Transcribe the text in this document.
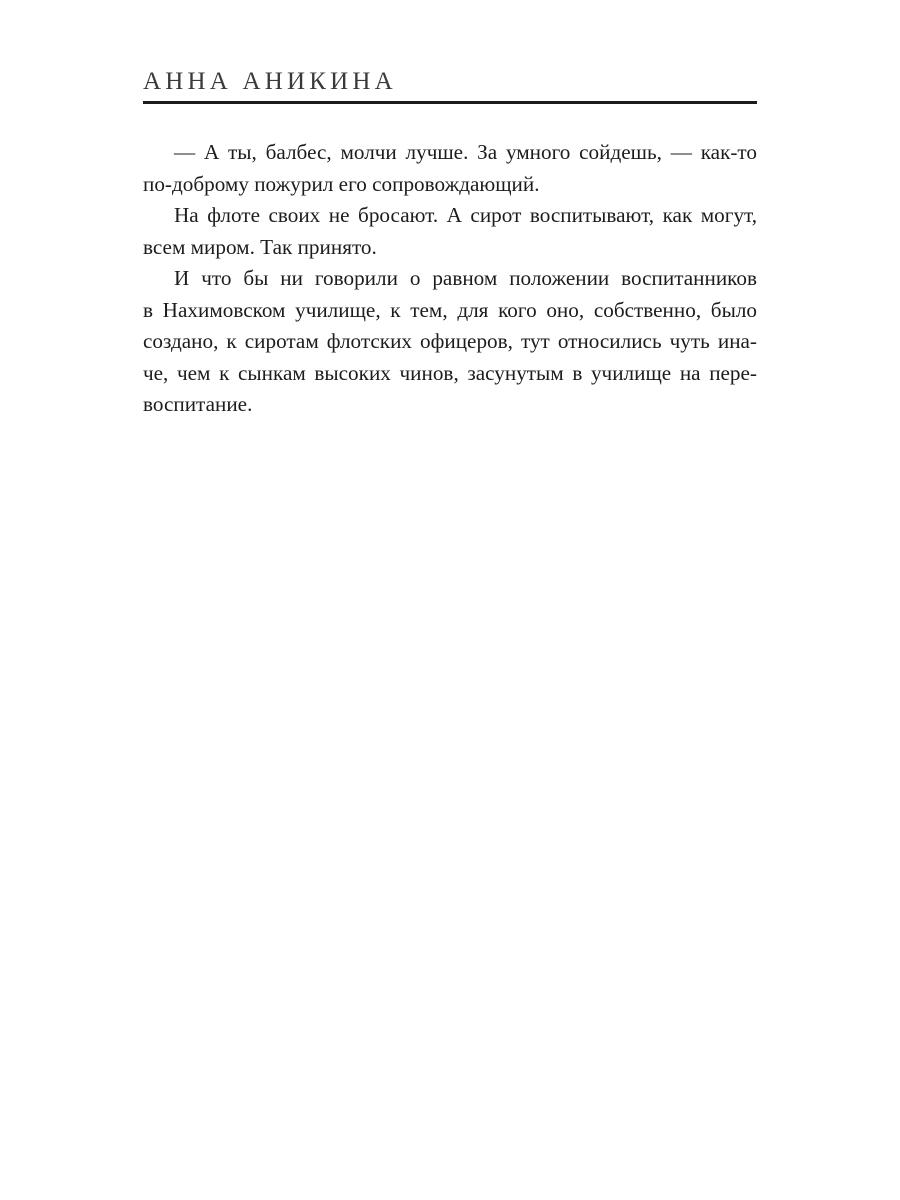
АННА АНИКИНА
— А ты, балбес, молчи лучше. За умного сойдешь, — как-то
по-доброму пожурил его сопровождающий.
На флоте своих не бросают. А сирот воспитывают, как могут,
всем миром. Так принято.
И что бы ни говорили о равном положении воспитанников
в Нахимовском училище, к тем, для кого оно, собственно, было
создано, к сиротам флотских офицеров, тут относились чуть ина-
че, чем к сынкам высоких чинов, засунутым в училище на пере-
воспитание.
